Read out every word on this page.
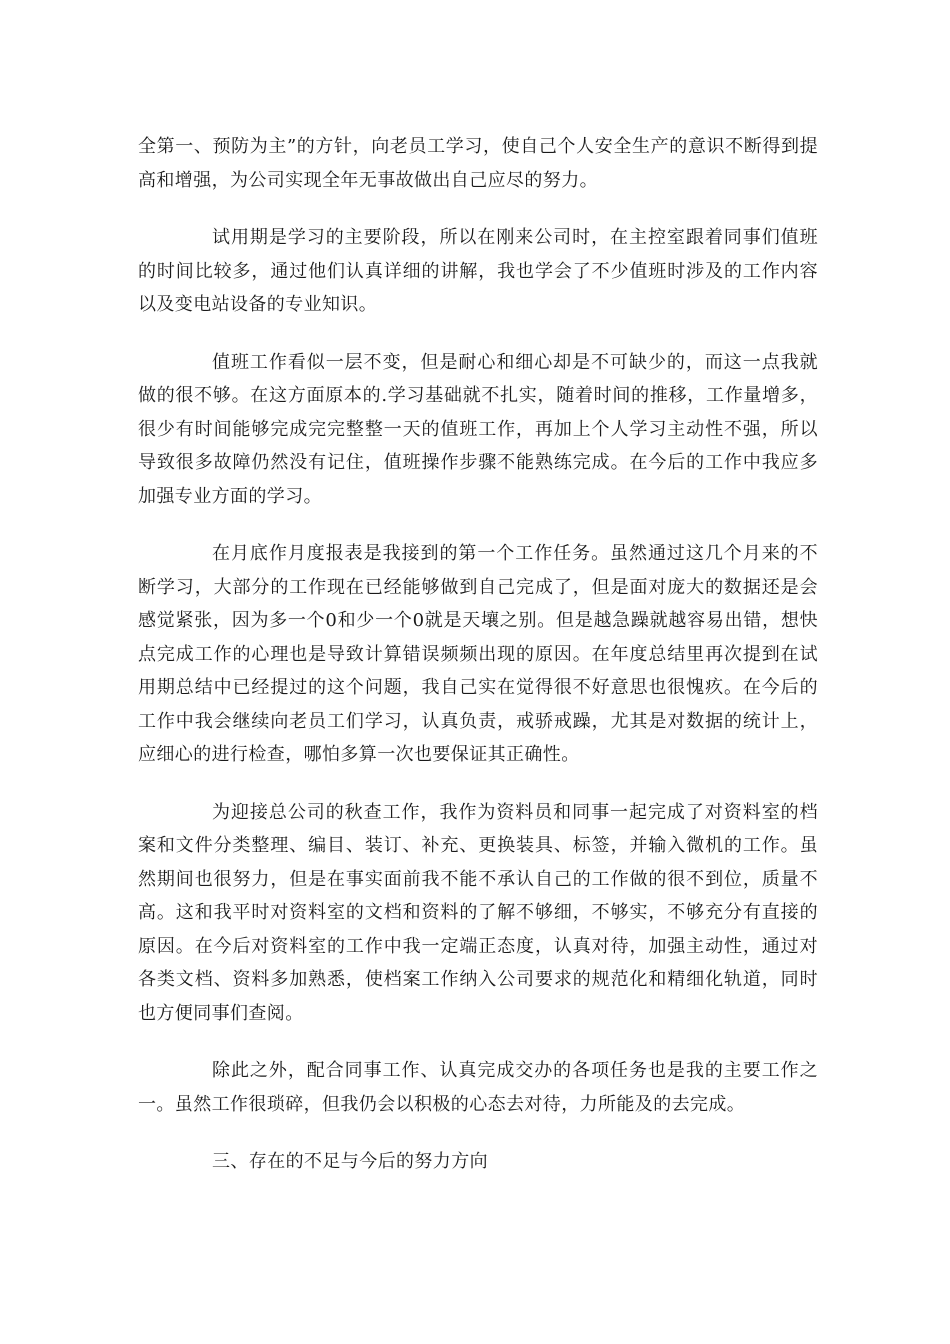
全第一、预防为主”的方针，向老员工学习，使自己个人安全生产的意识不断得到提高和增强，为公司实现全年无事故做出自己应尽的努力。

试用期是学习的主要阶段，所以在刚来公司时，在主控室跟着同事们值班的时间比较多，通过他们认真详细的讲解，我也学会了不少值班时涉及的工作内容以及变电站设备的专业知识。

值班工作看似一层不变，但是耐心和细心却是不可缺少的，而这一点我就做的很不够。在这方面原本的.学习基础就不扎实，随着时间的推移，工作量增多，很少有时间能够完成完完整整一天的值班工作，再加上个人学习主动性不强，所以导致很多故障仍然没有记住，值班操作步骤不能熟练完成。在今后的工作中我应多加强专业方面的学习。

在月底作月度报表是我接到的第一个工作任务。虽然通过这几个月来的不断学习，大部分的工作现在已经能够做到自己完成了，但是面对庞大的数据还是会感觉紧张，因为多一个0和少一个0就是天壤之别。但是越急躁就越容易出错，想快点完成工作的心理也是导致计算错误频频出现的原因。在年度总结里再次提到在试用期总结中已经提过的这个问题，我自己实在觉得很不好意思也很愧疚。在今后的工作中我会继续向老员工们学习，认真负责，戒骄戒躁，尤其是对数据的统计上，应细心的进行检查，哪怕多算一次也要保证其正确性。

为迎接总公司的秋查工作，我作为资料员和同事一起完成了对资料室的档案和文件分类整理、编目、装订、补充、更换装具、标签，并输入微机的工作。虽然期间也很努力，但是在事实面前我不能不承认自己的工作做的很不到位，质量不高。这和我平时对资料室的文档和资料的了解不够细，不够实，不够充分有直接的原因。在今后对资料室的工作中我一定端正态度，认真对待，加强主动性，通过对各类文档、资料多加熟悉，使档案工作纳入公司要求的规范化和精细化轨道，同时也方便同事们查阅。

除此之外，配合同事工作、认真完成交办的各项任务也是我的主要工作之一。虽然工作很琐碎，但我仍会以积极的心态去对待，力所能及的去完成。

三、存在的不足与今后的努力方向
